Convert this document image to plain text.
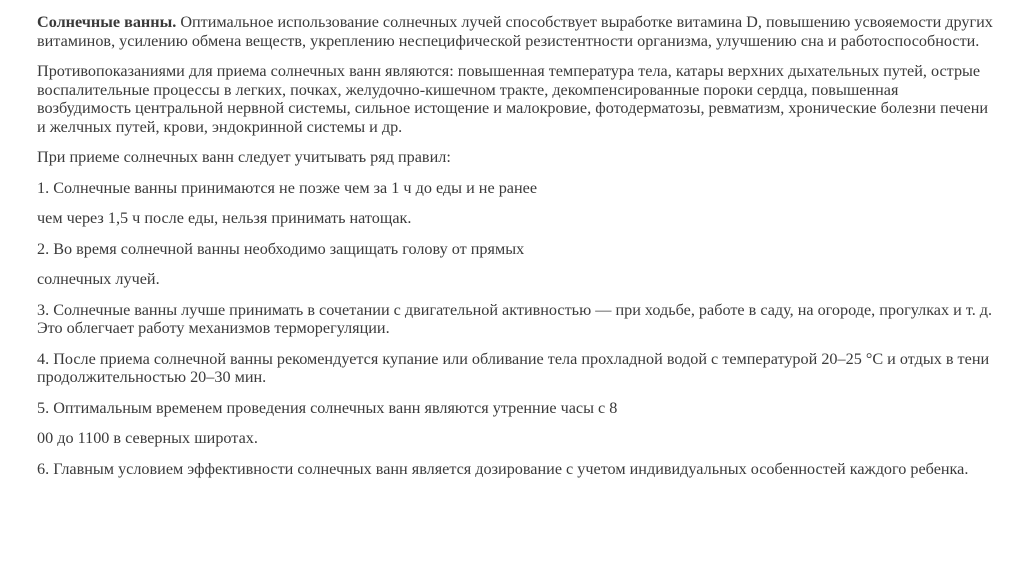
Солнечные ванны. Оптимальное использование солнечных лучей способствует выработке витамина D, повышению усвояемости других витаминов, усилению обмена веществ, укреплению неспецифической резистентности организма, улучшению сна и работоспособности.

Противопоказаниями для приема солнечных ванн являются: повышенная температура тела, катары верхних дыхательных путей, острые воспалительные процессы в легких, почках, желудочно-кишечном тракте, декомпенсированные пороки сердца, повышенная возбудимость центральной нервной системы, сильное истощение и малокровие, фотодерматозы, ревматизм, хронические болезни печени и желчных путей, крови, эндокринной системы и др.

При приеме солнечных ванн следует учитывать ряд правил:

1. Солнечные ванны принимаются не позже чем за 1 ч до еды и не ранее

чем через 1,5 ч после еды, нельзя принимать натощак.

2. Во время солнечной ванны необходимо защищать голову от прямых

солнечных лучей.

3. Солнечные ванны лучше принимать в сочетании с двигательной активностью — при ходьбе, работе в саду, на огороде, прогулках и т. д. Это облегчает работу механизмов терморегуляции.

4. После приема солнечной ванны рекомендуется купание или обливание тела прохладной водой с температурой 20–25 °С и отдых в тени продолжительностью 20–30 мин.

5. Оптимальным временем проведения солнечных ванн являются утренние часы с 8

00 до 1100 в северных широтах.

6. Главным условием эффективности солнечных ванн является дозирование с учетом индивидуальных особенностей каждого ребенка.
